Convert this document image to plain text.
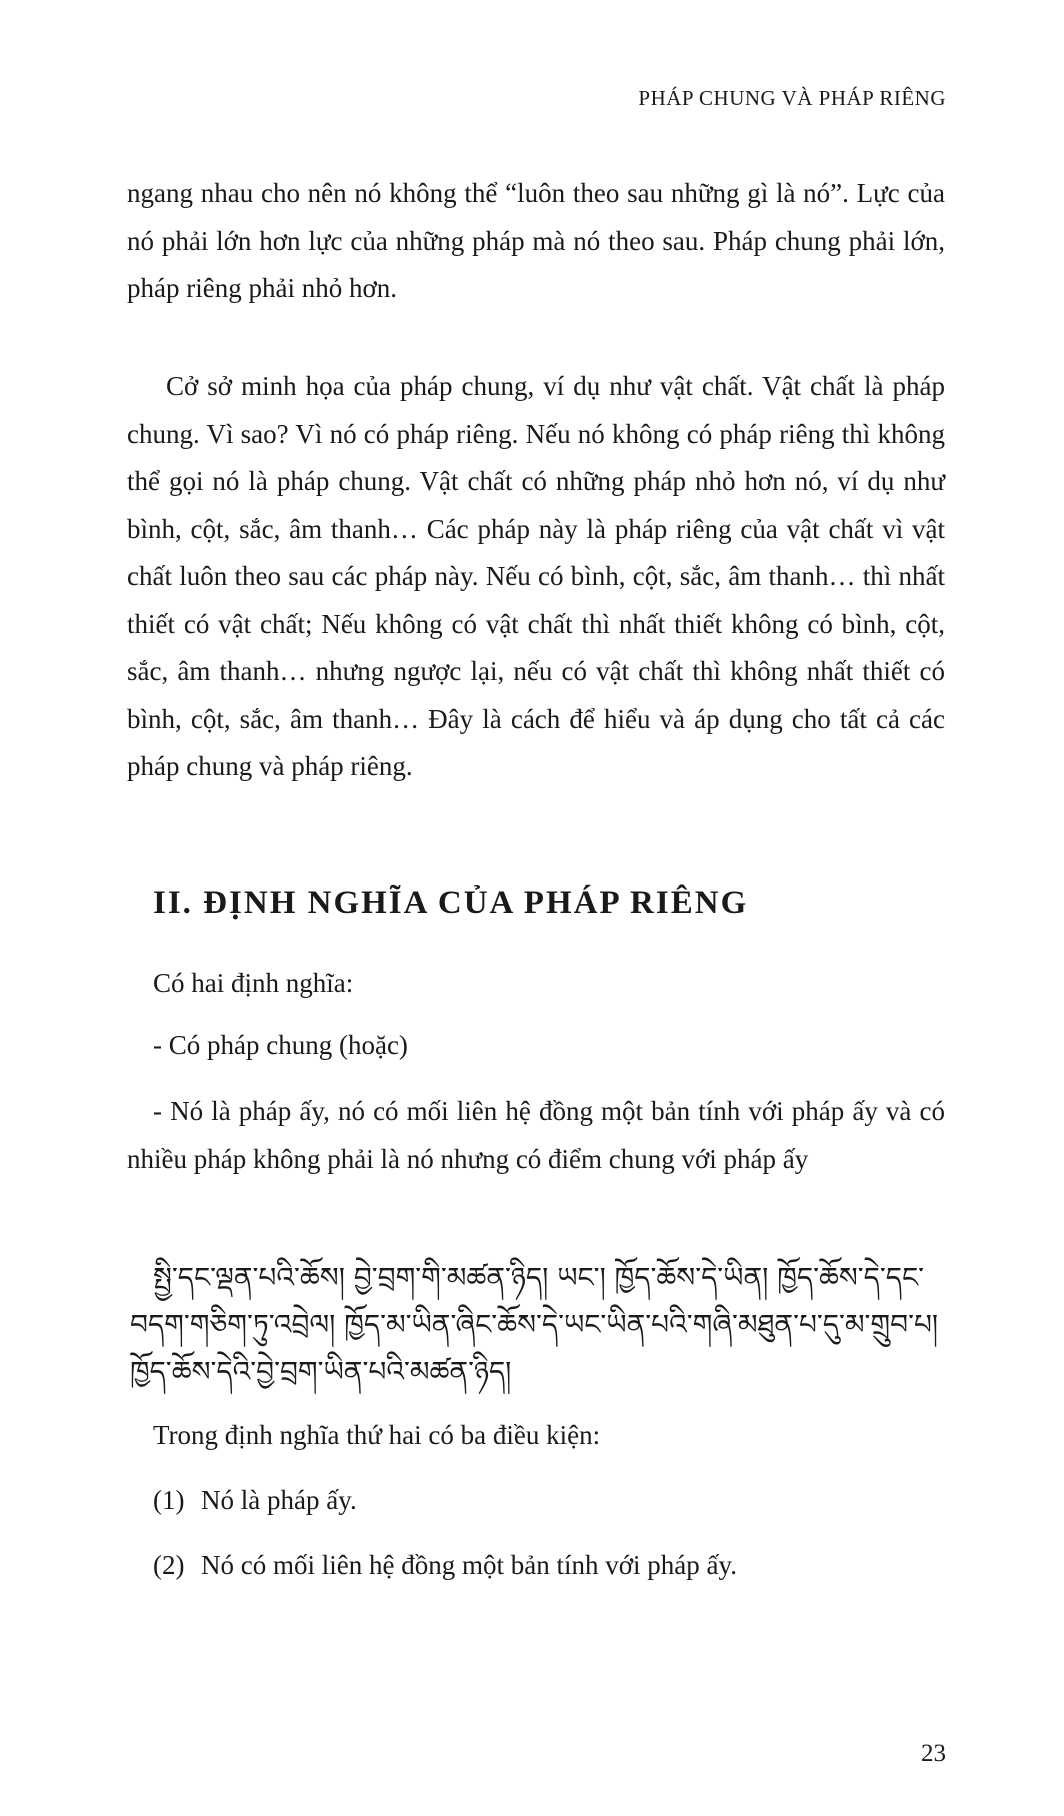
PHÁP CHUNG VÀ PHÁP RIÊNG

ngang nhau cho nên nó không thể “luôn theo sau những gì là nó”. Lực của nó phải lớn hơn lực của những pháp mà nó theo sau. Pháp chung phải lớn, pháp riêng phải nhỏ hơn.

Cở sở minh họa của pháp chung, ví dụ như vật chất. Vật chất là pháp chung. Vì sao? Vì nó có pháp riêng. Nếu nó không có pháp riêng thì không thể gọi nó là pháp chung. Vật chất có những pháp nhỏ hơn nó, ví dụ như bình, cột, sắc, âm thanh… Các pháp này là pháp riêng của vật chất vì vật chất luôn theo sau các pháp này. Nếu có bình, cột, sắc, âm thanh… thì nhất thiết có vật chất; Nếu không có vật chất thì nhất thiết không có bình, cột, sắc, âm thanh… nhưng ngược lại, nếu có vật chất thì không nhất thiết có bình, cột, sắc, âm thanh… Đây là cách để hiểu và áp dụng cho tất cả các pháp chung và pháp riêng.

II. ĐỊNH NGHĨA CỦA PHÁP RIÊNG

Có hai định nghĩa:

- Có pháp chung (hoặc)

- Nó là pháp ấy, nó có mối liên hệ đồng một bản tính với pháp ấy và có nhiều pháp không phải là nó nhưng có điểm chung với pháp ấy

སྤྱི་དང་ལྡན་པའི་ཆོས། བྱེ་བྲག་གི་མཚན་ཉིད། ཡང་། ཁྱོད་ཆོས་དེ་ཡིན། ཁྱོད་ཆོས་དེ་དང་བདག་གཅིག་ཏུ་འབྲེལ། ཁྱོད་མ་ཡིན་ཞིང་ཆོས་དེ་ཡང་ཡིན་པའི་གཞི་མཐུན་པ་དུ་མ་གྲུབ་པ། ཁྱོད་ཆོས་དེའི་བྱེ་བྲག་ཡིན་པའི་མཚན་ཉིད།

Trong định nghĩa thứ hai có ba điều kiện:

(1) Nó là pháp ấy.

(2) Nó có mối liên hệ đồng một bản tính với pháp ấy.

23
